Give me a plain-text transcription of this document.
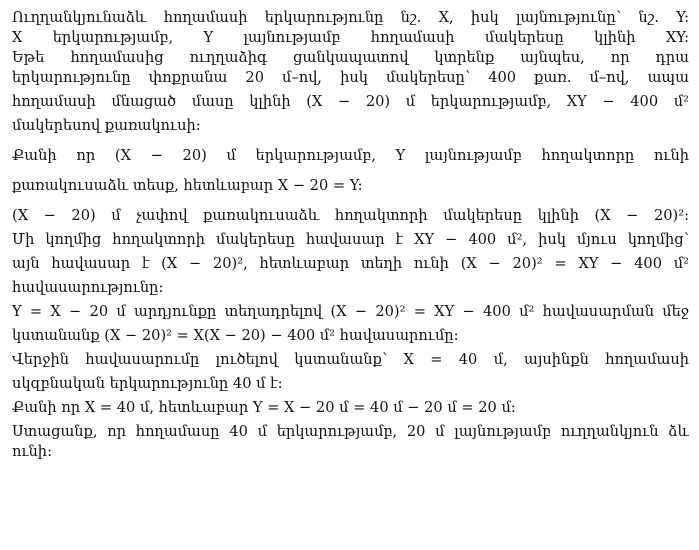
Ուղղանկյունաձև հողամասի երկարությունը նշ. X, իսկ լայնությունը՝ նշ. Y:
X երկարությամբ, Y լայնությամբ հողամասի մակերեսը կլինի XY:
Եթե հողամասից ուղղաձիգ ցանկապատով կտրենք այնպես, որ դրա
երկարությունը փոքրանա 20 մ–ով, իսկ մակերեսը՝ 400 քառ. մ–ով, ապա
հողամասի մնացած մասը կլինի (X − 20) մ երկարությամբ, XY − 400 մ²
մակերեսով քառակուսի:
Քանի որ (X − 20) մ երկարությամբ, Y լայնությամբ հողակտորը ունի
քառակուսաձև տեսք, հետևաբար X − 20 = Y:
(X − 20) մ չափով քառակուսաձև հողակտորի մակերեսը կլինի (X − 20)²:
Մի կողմից հողակտորի մակերեսը հավասար է XY − 400 մ², իսկ մյուս կողմից՝
այն հավասար է (X − 20)², հետևաբար տեղի ունի (X − 20)² = XY − 400 մ²
հավասարությունը:
Y = X − 20 մ արդյունքը տեղադրելով (X − 20)² = XY − 400 մ² հավասարման մեջ
կստանանք (X − 20)² = X(X − 20) − 400 մ² հավասարումը:
Վերջին հավասարումը լուծելով կստանանք՝ X = 40 մ, այսինքն հողամասի
սկզբնական երկարությունը 40 մ է:
Քանի որ X = 40 մ, հետևաբար Y = X − 20 մ = 40 մ − 20 մ = 20 մ:
Ստացանք, որ հողամասը 40 մ երկարությամբ, 20 մ լայնությամբ ուղղանկյուն ձև
ունի:
